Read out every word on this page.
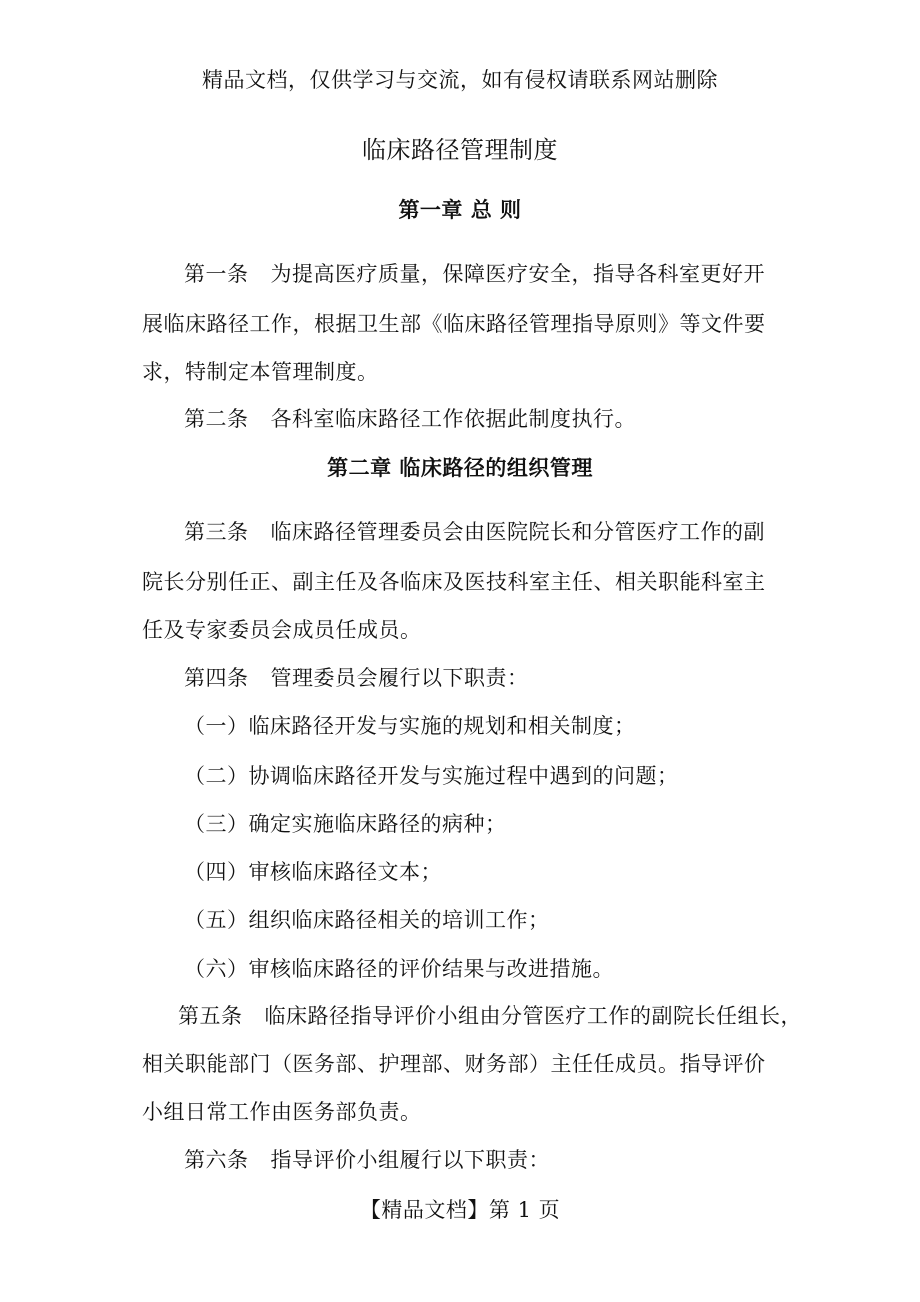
精品文档，仅供学习与交流，如有侵权请联系网站删除
临床路径管理制度
第一章 总 则
第一条 为提高医疗质量，保障医疗安全，指导各科室更好开
展临床路径工作，根据卫生部《临床路径管理指导原则》等文件要
求，特制定本管理制度。
第二条 各科室临床路径工作依据此制度执行。
第二章 临床路径的组织管理
第三条 临床路径管理委员会由医院院长和分管医疗工作的副
院长分别任正、副主任及各临床及医技科室主任、相关职能科室主
任及专家委员会成员任成员。
第四条 管理委员会履行以下职责：
（一）临床路径开发与实施的规划和相关制度；
（二）协调临床路径开发与实施过程中遇到的问题；
（三）确定实施临床路径的病种；
（四）审核临床路径文本；
（五）组织临床路径相关的培训工作；
（六）审核临床路径的评价结果与改进措施。
第五条 临床路径指导评价小组由分管医疗工作的副院长任组长，
相关职能部门（医务部、护理部、财务部）主任任成员。指导评价
小组日常工作由医务部负责。
第六条 指导评价小组履行以下职责：
【精品文档】第 1 页
